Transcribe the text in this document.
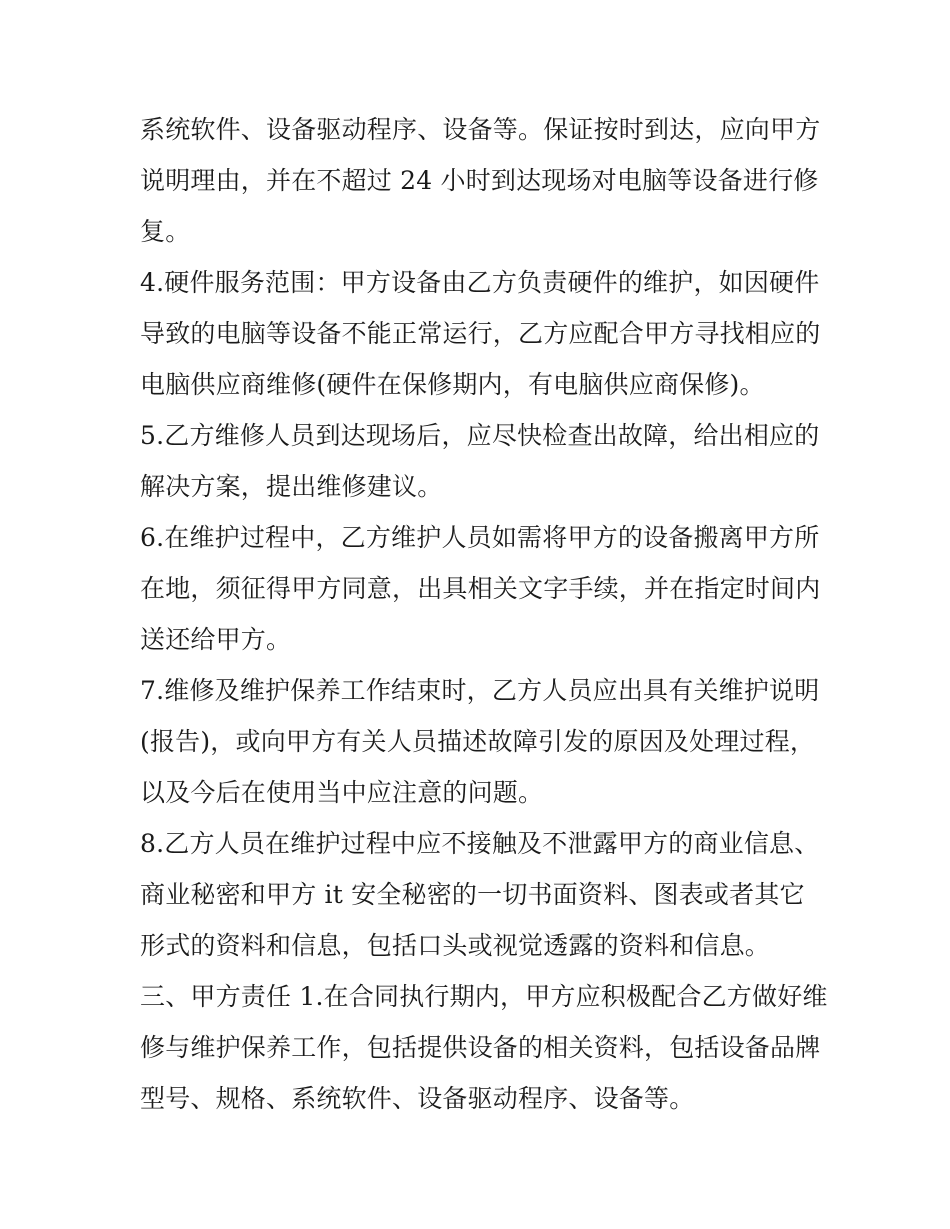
系统软件、设备驱动程序、设备等。保证按时到达，应向甲方
说明理由，并在不超过 24 小时到达现场对电脑等设备进行修
复。

4.硬件服务范围：甲方设备由乙方负责硬件的维护，如因硬件
导致的电脑等设备不能正常运行，乙方应配合甲方寻找相应的
电脑供应商维修(硬件在保修期内，有电脑供应商保修)。

5.乙方维修人员到达现场后，应尽快检查出故障，给出相应的
解决方案，提出维修建议。

6.在维护过程中，乙方维护人员如需将甲方的设备搬离甲方所
在地，须征得甲方同意，出具相关文字手续，并在指定时间内
送还给甲方。

7.维修及维护保养工作结束时，乙方人员应出具有关维护说明
(报告)，或向甲方有关人员描述故障引发的原因及处理过程，
以及今后在使用当中应注意的问题。

8.乙方人员在维护过程中应不接触及不泄露甲方的商业信息、
商业秘密和甲方 it 安全秘密的一切书面资料、图表或者其它
形式的资料和信息，包括口头或视觉透露的资料和信息。

三、甲方责任 1.在合同执行期内，甲方应积极配合乙方做好维
修与维护保养工作，包括提供设备的相关资料，包括设备品牌
型号、规格、系统软件、设备驱动程序、设备等。
